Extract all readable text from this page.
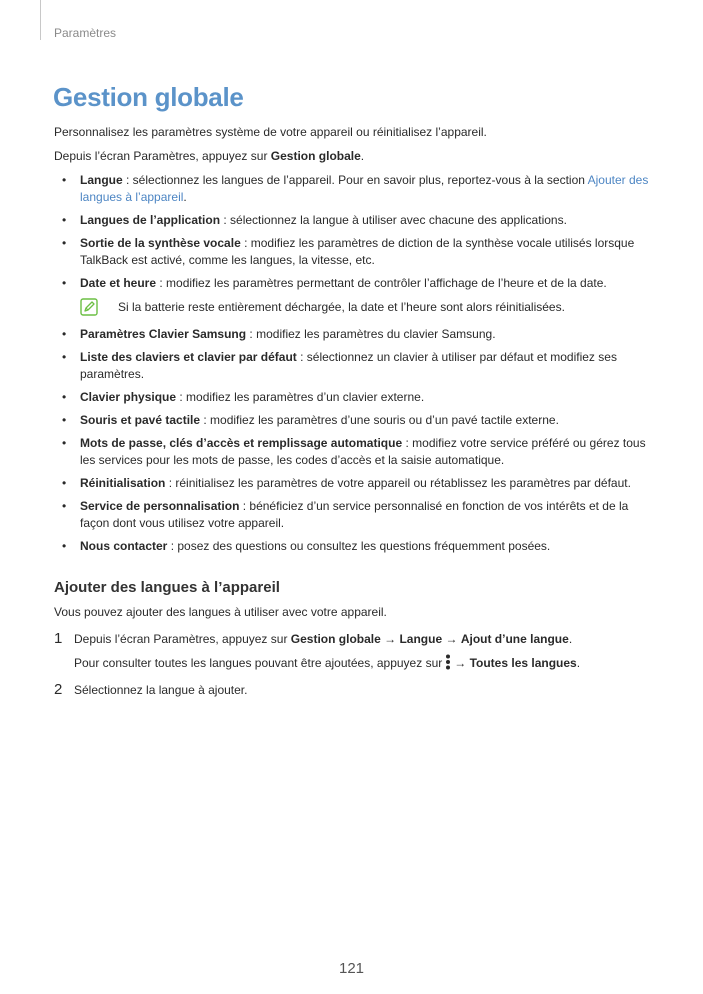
Paramètres
Gestion globale

Personnalisez les paramètres système de votre appareil ou réinitialisez l’appareil.

Depuis l’écran Paramètres, appuyez sur Gestion globale.

• Langue : sélectionnez les langues de l’appareil. Pour en savoir plus, reportez-vous à la section Ajouter des langues à l’appareil.
• Langues de l’application : sélectionnez la langue à utiliser avec chacune des applications.
• Sortie de la synthèse vocale : modifiez les paramètres de diction de la synthèse vocale utilisés lorsque TalkBack est activé, comme les langues, la vitesse, etc.
• Date et heure : modifiez les paramètres permettant de contrôler l’affichage de l’heure et de la date.
Si la batterie reste entièrement déchargée, la date et l’heure sont alors réinitialisées.
• Paramètres Clavier Samsung : modifiez les paramètres du clavier Samsung.
• Liste des claviers et clavier par défaut : sélectionnez un clavier à utiliser par défaut et modifiez ses paramètres.
• Clavier physique : modifiez les paramètres d’un clavier externe.
• Souris et pavé tactile : modifiez les paramètres d’une souris ou d’un pavé tactile externe.
• Mots de passe, clés d’accès et remplissage automatique : modifiez votre service préféré ou gérez tous les services pour les mots de passe, les codes d’accès et la saisie automatique.
• Réinitialisation : réinitialisez les paramètres de votre appareil ou rétablissez les paramètres par défaut.
• Service de personnalisation : bénéficiez d’un service personnalisé en fonction de vos intérêts et de la façon dont vous utilisez votre appareil.
• Nous contacter : posez des questions ou consultez les questions fréquemment posées.
Ajouter des langues à l’appareil

Vous pouvez ajouter des langues à utiliser avec votre appareil.

1 Depuis l’écran Paramètres, appuyez sur Gestion globale → Langue → Ajout d’une langue.
Pour consulter toutes les langues pouvant être ajoutées, appuyez sur → Toutes les langues.
2 Sélectionnez la langue à ajouter.
121
